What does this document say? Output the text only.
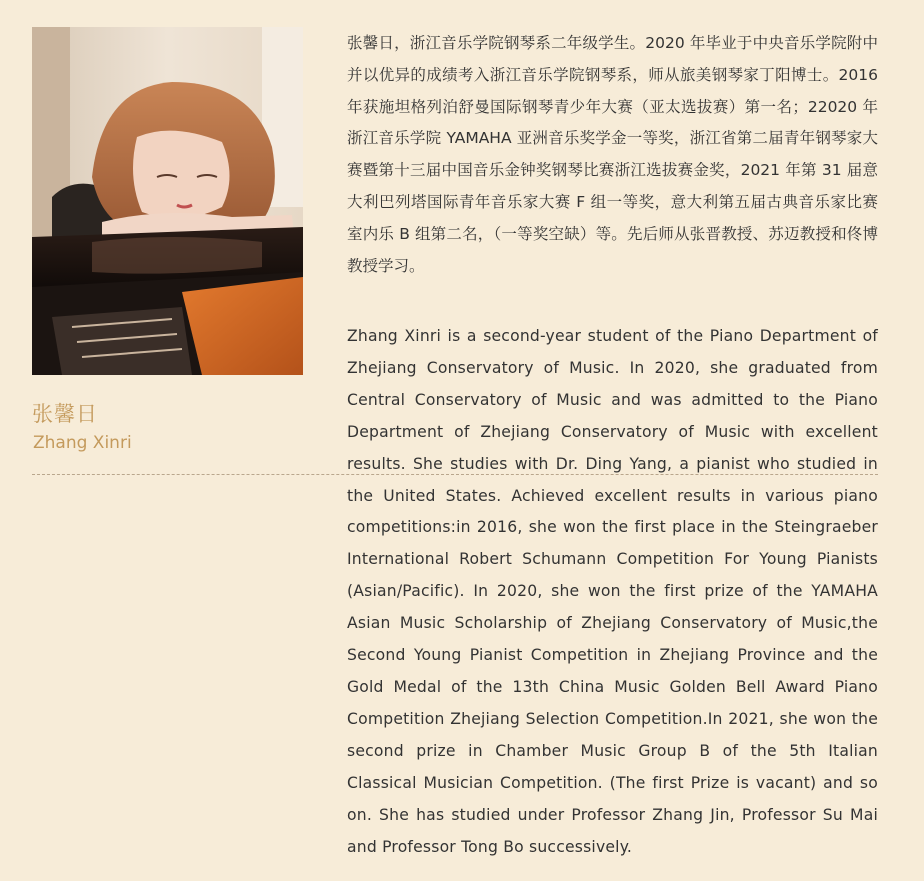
张馨日
Zhang Xinri

张馨日，浙江音乐学院钢琴系二年级学生。2020 年毕业于中央音乐学院附中并以优异的成绩考入浙江音乐学院钢琴系，师从旅美钢琴家丁阳博士。2016 年获施坦格列泊舒曼国际钢琴青少年大赛（亚太选拔赛）第一名；22020 年浙江音乐学院 YAMAHA 亚洲音乐奖学金一等奖，浙江省第二届青年钢琴家大赛暨第十三届中国音乐金钟奖钢琴比赛浙江选拔赛金奖，2021 年第 31 届意大利巴列塔国际青年音乐家大赛 F 组一等奖，意大利第五届古典音乐家比赛 室内乐 B 组第二名，（一等奖空缺）等。先后师从张晋教授、苏迈教授和佟博教授学习。

Zhang Xinri is a second-year student of the Piano Department of Zhejiang Conservatory of Music. In 2020, she graduated from Central Conservatory of Music and was admitted to the Piano Department of Zhejiang Conservatory of Music with excellent results. She studies with Dr. Ding Yang, a pianist who studied in the United States. Achieved excellent results in various piano competitions:in 2016, she won the first place in the Steingraeber International Robert Schumann Competition For Young Pianists (Asian/Pacific). In 2020, she won the first prize of the YAMAHA Asian Music Scholarship of Zhejiang Conservatory of Music,the Second Young Pianist Competition in Zhejiang Province and the Gold Medal of the 13th China Music Golden Bell Award Piano Competition Zhejiang Selection Competition.In 2021, she won the second prize in Chamber Music Group B of the 5th Italian Classical Musician Competition. (The first Prize is vacant) and so on. She has studied under Professor Zhang Jin, Professor Su Mai and Professor Tong Bo successively.
